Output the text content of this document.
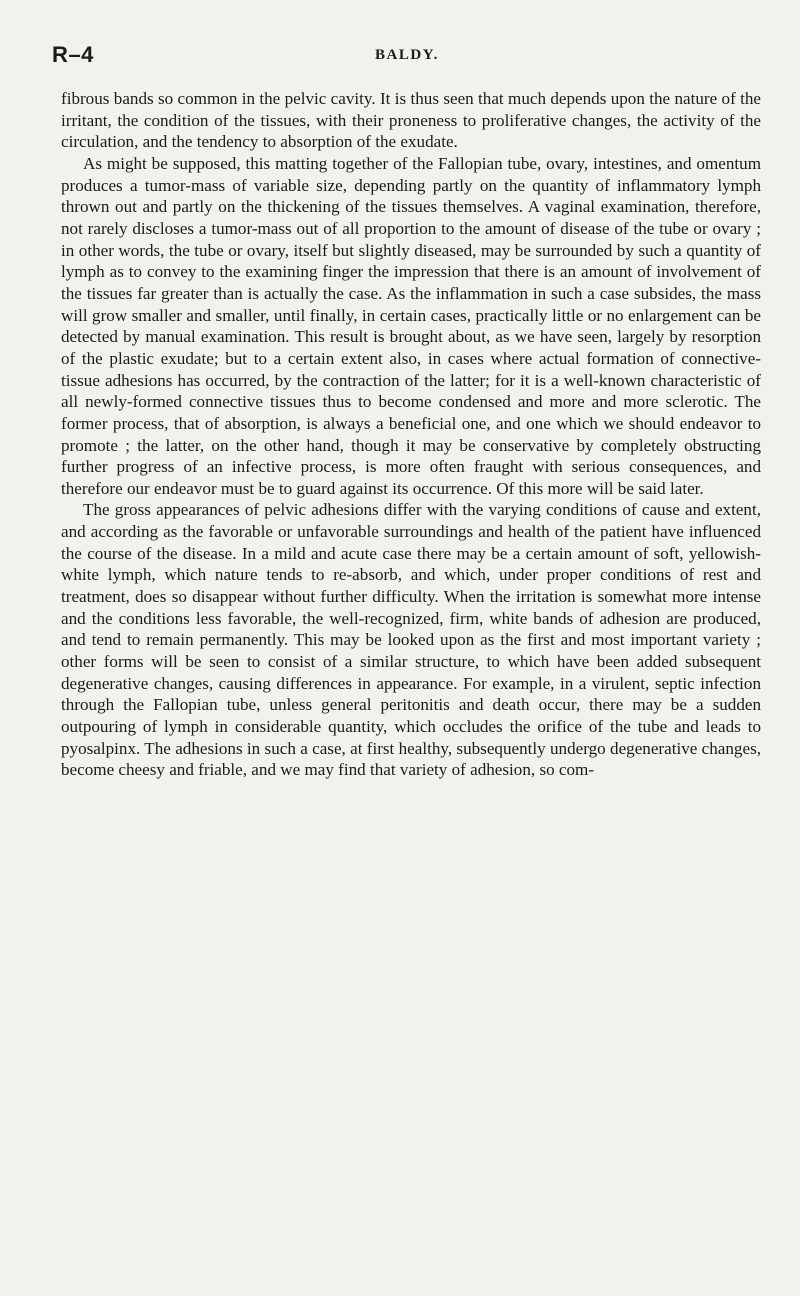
R–4	BALDY.

fibrous bands so common in the pelvic cavity. It is thus seen that much depends upon the nature of the irritant, the condition of the tissues, with their proneness to proliferative changes, the activity of the circulation, and the tendency to absorption of the exudate.

As might be supposed, this matting together of the Fallopian tube, ovary, intestines, and omentum produces a tumor-mass of variable size, depending partly on the quantity of inflammatory lymph thrown out and partly on the thickening of the tissues themselves. A vaginal examination, therefore, not rarely discloses a tumor-mass out of all proportion to the amount of disease of the tube or ovary ; in other words, the tube or ovary, itself but slightly diseased, may be surrounded by such a quantity of lymph as to convey to the examining finger the impression that there is an amount of involvement of the tissues far greater than is actually the case. As the inflammation in such a case subsides, the mass will grow smaller and smaller, until finally, in certain cases, practically little or no enlargement can be detected by manual examination. This result is brought about, as we have seen, largely by resorption of the plastic exudate; but to a certain extent also, in cases where actual formation of connective-tissue adhesions has occurred, by the contraction of the latter; for it is a well-known characteristic of all newly-formed connective tissues thus to become condensed and more and more sclerotic. The former process, that of absorption, is always a beneficial one, and one which we should endeavor to promote ; the latter, on the other hand, though it may be conservative by completely obstructing further progress of an infective process, is more often fraught with serious consequences, and therefore our endeavor must be to guard against its occurrence. Of this more will be said later.

The gross appearances of pelvic adhesions differ with the varying conditions of cause and extent, and according as the favorable or unfavorable surroundings and health of the patient have influenced the course of the disease. In a mild and acute case there may be a certain amount of soft, yellowish-white lymph, which nature tends to re-absorb, and which, under proper conditions of rest and treatment, does so disappear without further difficulty. When the irritation is somewhat more intense and the conditions less favorable, the well-recognized, firm, white bands of adhesion are produced, and tend to remain permanently. This may be looked upon as the first and most important variety ; other forms will be seen to consist of a similar structure, to which have been added subsequent degenerative changes, causing differences in appearance. For example, in a virulent, septic infection through the Fallopian tube, unless general peritonitis and death occur, there may be a sudden outpouring of lymph in considerable quantity, which occludes the orifice of the tube and leads to pyosalpinx. The adhesions in such a case, at first healthy, subsequently undergo degenerative changes, become cheesy and friable, and we may find that variety of adhesion, so com-
